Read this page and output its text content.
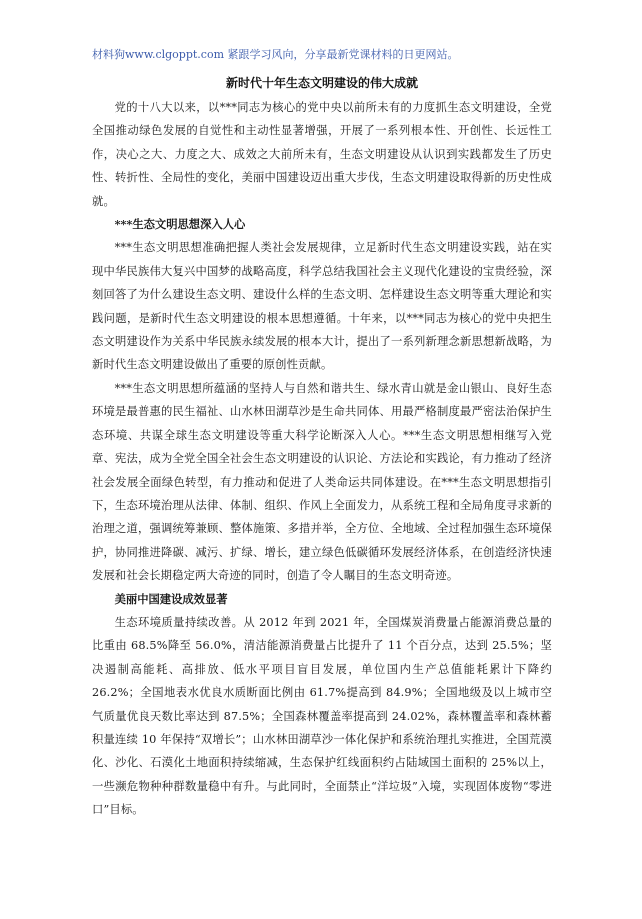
材料狗www.clgoppt.com 紧跟学习风向，分享最新党课材料的日更网站。
新时代十年生态文明建设的伟大成就

党的十八大以来，以***同志为核心的党中央以前所未有的力度抓生态文明建设，全党全国推动绿色发展的自觉性和主动性显著增强，开展了一系列根本性、开创性、长远性工作，决心之大、力度之大、成效之大前所未有，生态文明建设从认识到实践都发生了历史性、转折性、全局性的变化，美丽中国建设迈出重大步伐，生态文明建设取得新的历史性成就。

***生态文明思想深入人心

***生态文明思想准确把握人类社会发展规律，立足新时代生态文明建设实践，站在实现中华民族伟大复兴中国梦的战略高度，科学总结我国社会主义现代化建设的宝贵经验，深刻回答了为什么建设生态文明、建设什么样的生态文明、怎样建设生态文明等重大理论和实践问题，是新时代生态文明建设的根本思想遵循。十年来，以***同志为核心的党中央把生态文明建设作为关系中华民族永续发展的根本大计，提出了一系列新理念新思想新战略，为新时代生态文明建设做出了重要的原创性贡献。

***生态文明思想所蕴涵的坚持人与自然和谐共生、绿水青山就是金山银山、良好生态环境是最普惠的民生福祉、山水林田湖草沙是生命共同体、用最严格制度最严密法治保护生态环境、共谋全球生态文明建设等重大科学论断深入人心。***生态文明思想相继写入党章、宪法，成为全党全国全社会生态文明建设的认识论、方法论和实践论，有力推动了经济社会发展全面绿色转型，有力推动和促进了人类命运共同体建设。在***生态文明思想指引下，生态环境治理从法律、体制、组织、作风上全面发力，从系统工程和全局角度寻求新的治理之道，强调统筹兼顾、整体施策、多措并举，全方位、全地域、全过程加强生态环境保护，协同推进降碳、减污、扩绿、增长，建立绿色低碳循环发展经济体系，在创造经济快速发展和社会长期稳定两大奇迹的同时，创造了令人瞩目的生态文明奇迹。

美丽中国建设成效显著

生态环境质量持续改善。从 2012 年到 2021 年，全国煤炭消费量占能源消费总量的比重由 68.5%降至 56.0%，清洁能源消费量占比提升了 11 个百分点，达到 25.5%；坚决遏制高能耗、高排放、低水平项目盲目发展，单位国内生产总值能耗累计下降约 26.2%；全国地表水优良水质断面比例由 61.7%提高到 84.9%；全国地级及以上城市空气质量优良天数比率达到 87.5%；全国森林覆盖率提高到 24.02%，森林覆盖率和森林蓄积量连续 10 年保持“双增长”；山水林田湖草沙一体化保护和系统治理扎实推进，全国荒漠化、沙化、石漠化土地面积持续缩减，生态保护红线面积约占陆域国土面积的 25%以上，一些濒危物种种群数量稳中有升。与此同时，全面禁止“洋垃圾”入境，实现固体废物“零进口”目标。
